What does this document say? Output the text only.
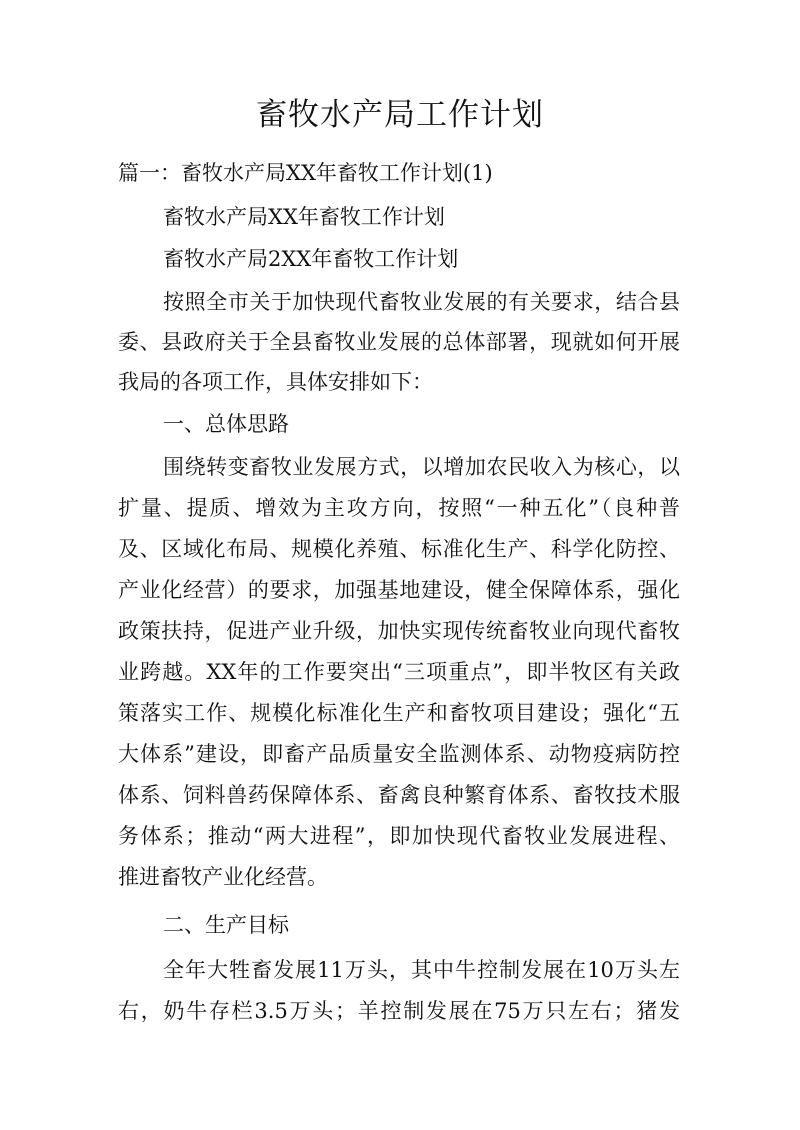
畜牧水产局工作计划
篇一：畜牧水产局XX年畜牧工作计划(1)
畜牧水产局XX年畜牧工作计划
畜牧水产局2XX年畜牧工作计划
按照全市关于加快现代畜牧业发展的有关要求，结合县
委、县政府关于全县畜牧业发展的总体部署，现就如何开展
我局的各项工作，具体安排如下：
一、总体思路
围绕转变畜牧业发展方式，以增加农民收入为核心，以
扩量、提质、增效为主攻方向，按照“一种五化”（良种普
及、区域化布局、规模化养殖、标准化生产、科学化防控、
产业化经营）的要求，加强基地建设，健全保障体系，强化
政策扶持，促进产业升级，加快实现传统畜牧业向现代畜牧
业跨越。XX年的工作要突出“三项重点”，即半牧区有关政
策落实工作、规模化标准化生产和畜牧项目建设；强化“五
大体系”建设，即畜产品质量安全监测体系、动物疫病防控
体系、饲料兽药保障体系、畜禽良种繁育体系、畜牧技术服
务体系；推动“两大进程”，即加快现代畜牧业发展进程、
推进畜牧产业化经营。
二、生产目标
全年大牲畜发展11万头，其中牛控制发展在10万头左
右，奶牛存栏3.5万头；羊控制发展在75万只左右；猪发
